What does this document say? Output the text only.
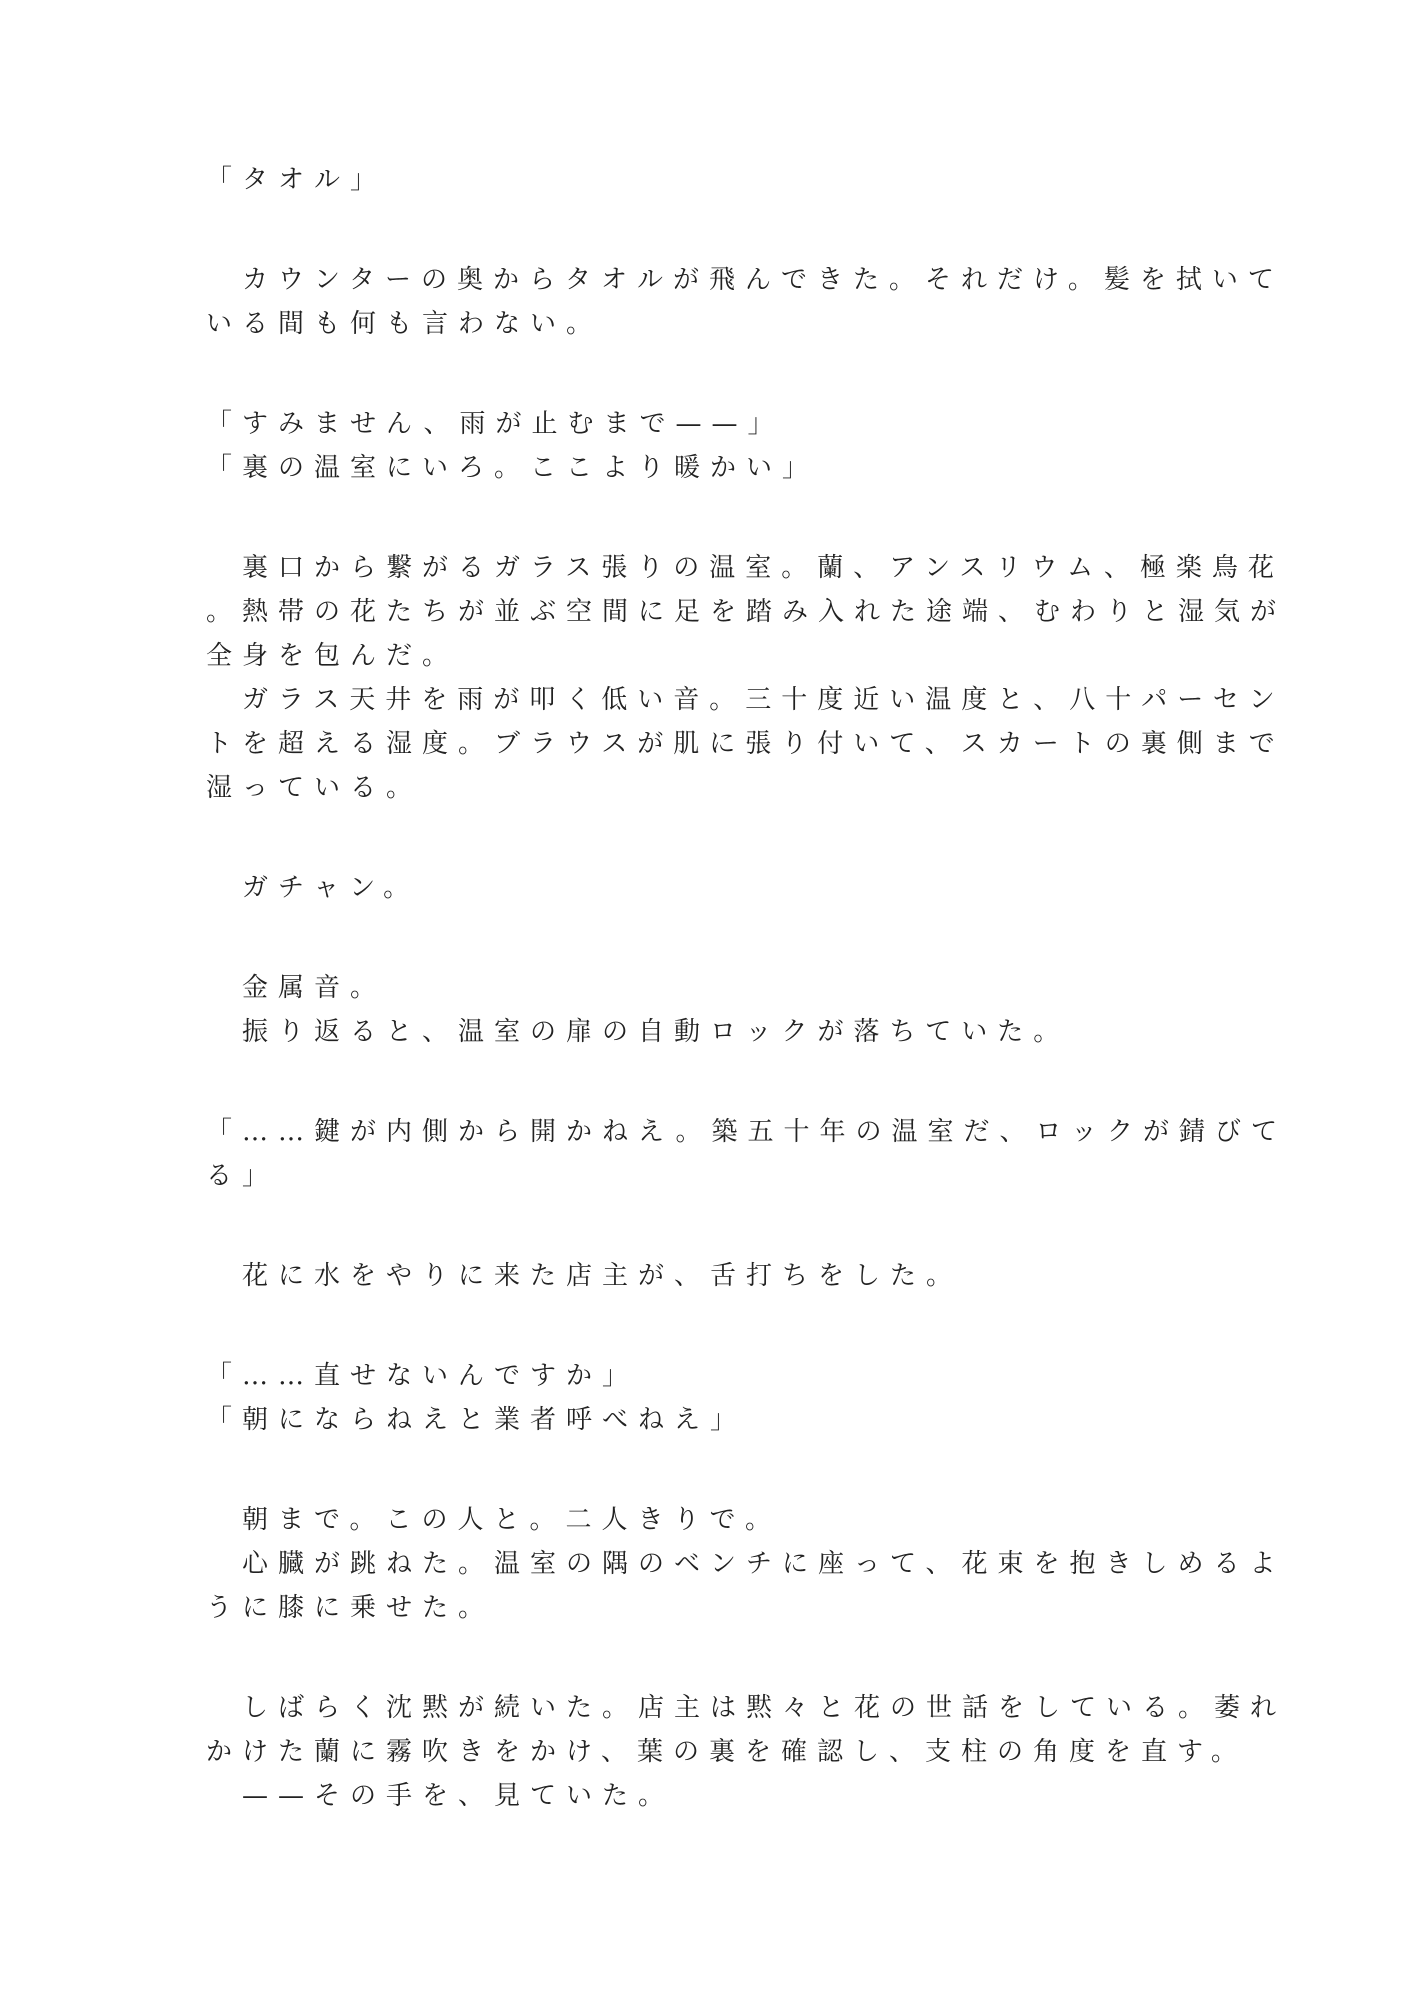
「タオル」
　カウンターの奥からタオルが飛んできた。それだけ。髪を拭いて
いる間も何も言わない。
「すみません、雨が止むまで——」
「裏の温室にいろ。ここより暖かい」
　裏口から繋がるガラス張りの温室。蘭、アンスリウム、極楽鳥花
。熱帯の花たちが並ぶ空間に足を踏み入れた途端、むわりと湿気が
全身を包んだ。
　ガラス天井を雨が叩く低い音。三十度近い温度と、八十パーセン
トを超える湿度。ブラウスが肌に張り付いて、スカートの裏側まで
湿っている。
　ガチャン。
　金属音。
　振り返ると、温室の扉の自動ロックが落ちていた。
「……鍵が内側から開かねえ。築五十年の温室だ、ロックが錆びて
る」
　花に水をやりに来た店主が、舌打ちをした。
「……直せないんですか」
「朝にならねえと業者呼べねえ」
　朝まで。この人と。二人きりで。
　心臓が跳ねた。温室の隅のベンチに座って、花束を抱きしめるよ
うに膝に乗せた。
　しばらく沈黙が続いた。店主は黙々と花の世話をしている。萎れ
かけた蘭に霧吹きをかけ、葉の裏を確認し、支柱の角度を直す。
　——その手を、見ていた。
